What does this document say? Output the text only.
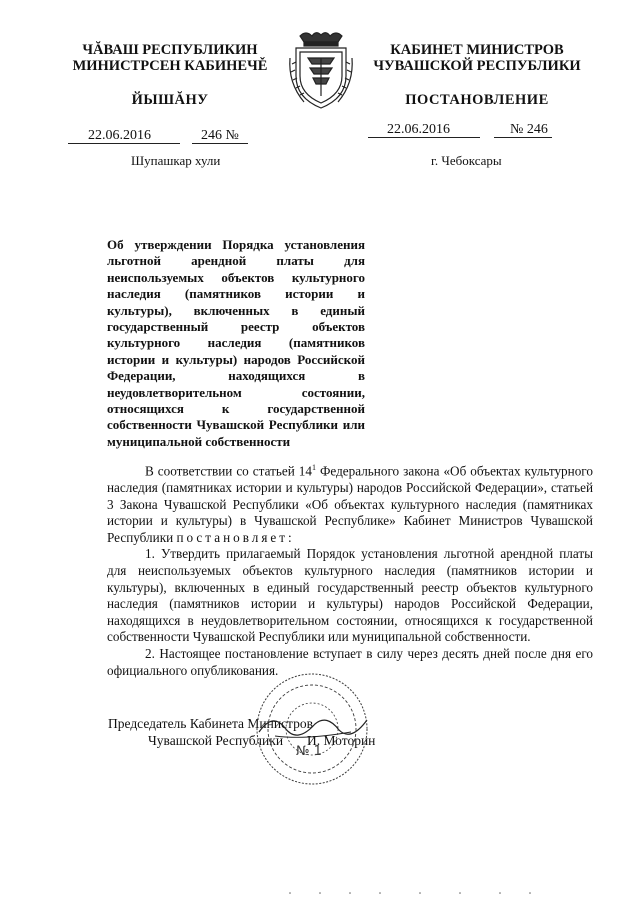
ЧĂВАШ РЕСПУБЛИКИН
МИНИСТРСЕН КАБИНЕЧĚ
ЙЫШĂНУ
КАБИНЕТ МИНИСТРОВ
ЧУВАШСКОЙ РЕСПУБЛИКИ
ПОСТАНОВЛЕНИЕ
22.06.2016	246 №	22.06.2016	№ 246
Шупашкар хули	г. Чебоксары
Об утверждении Порядка установления льготной арендной платы для неиспользуемых объектов культурного наследия (памятников истории и культуры), включенных в единый государственный реестр объектов культурного наследия (памятников истории и культуры) народов Российской Федерации, находящихся в неудовлетворительном состоянии, относящихся к государственной собственности Чувашской Республики или муниципальной собственности

В соответствии со статьей $14^1$ Федерального закона «Об объектах культурного наследия (памятниках истории и культуры) народов Российской Федерации», статьей 3 Закона Чувашской Республики «Об объектах культурного наследия (памятниках истории и культуры) в Чувашской Республике» Кабинет Министров Чувашской Республики постановляет:

1. Утвердить прилагаемый Порядок установления льготной арендной платы для неиспользуемых объектов культурного наследия (памятников истории и культуры), включенных в единый государственный реестр объектов культурного наследия (памятников истории и культуры) народов Российской Федерации, находящихся в неудовлетворительном состоянии, относящихся к государственной собственности Чувашской Республики или муниципальной собственности.

2. Настоящее постановление вступает в силу через десять дней после дня его официального опубликования.

Председатель Кабинета Министров
Чувашской Республики И. Моторин
№ 1
